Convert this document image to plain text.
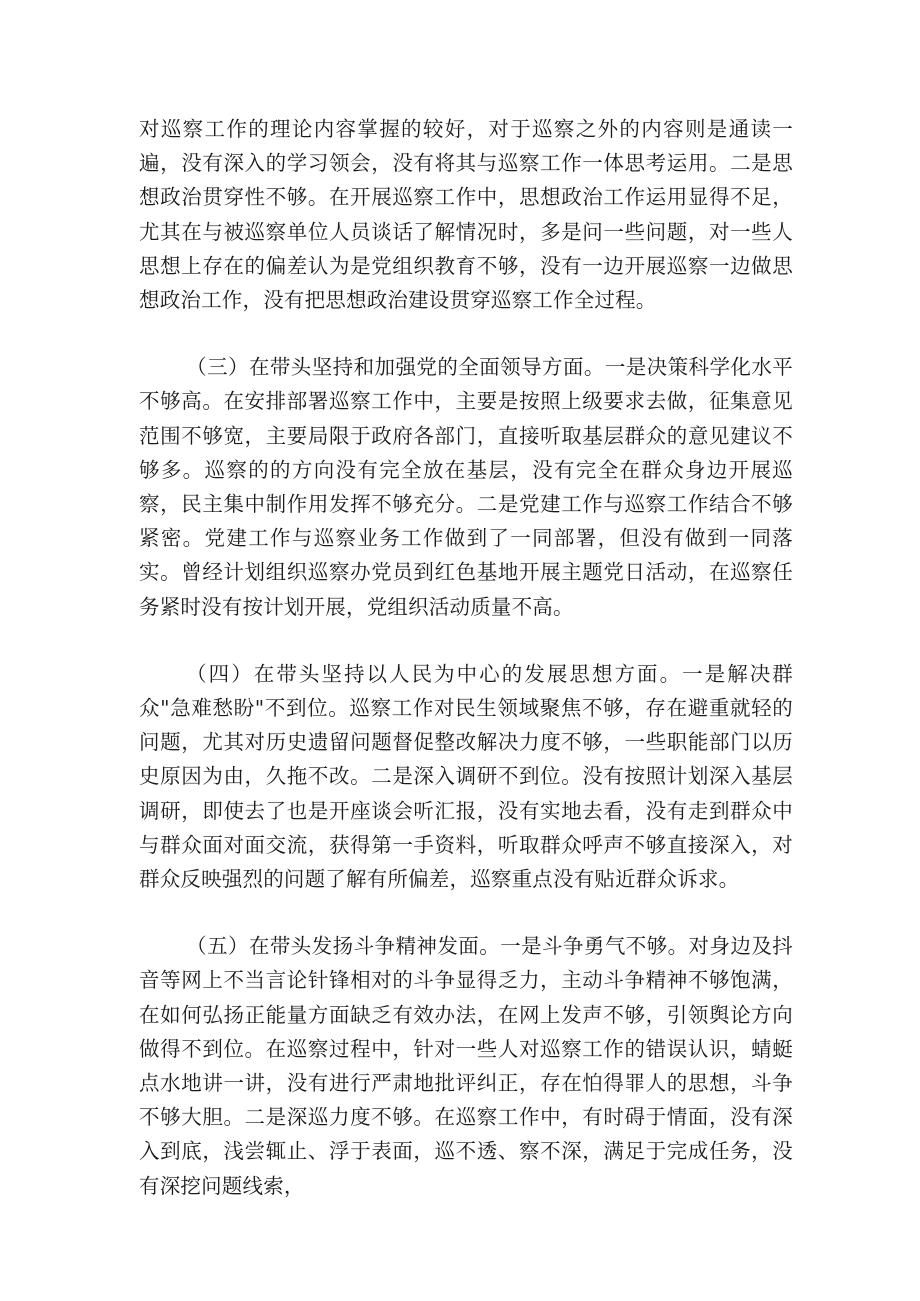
对巡察工作的理论内容掌握的较好，对于巡察之外的内容则是通读一遍，没有深入的学习领会，没有将其与巡察工作一体思考运用。二是思想政治贯穿性不够。在开展巡察工作中，思想政治工作运用显得不足，尤其在与被巡察单位人员谈话了解情况时，多是问一些问题，对一些人思想上存在的偏差认为是党组织教育不够，没有一边开展巡察一边做思想政治工作，没有把思想政治建设贯穿巡察工作全过程。

（三）在带头坚持和加强党的全面领导方面。一是决策科学化水平不够高。在安排部署巡察工作中，主要是按照上级要求去做，征集意见范围不够宽，主要局限于政府各部门，直接听取基层群众的意见建议不够多。巡察的的方向没有完全放在基层，没有完全在群众身边开展巡察，民主集中制作用发挥不够充分。二是党建工作与巡察工作结合不够紧密。党建工作与巡察业务工作做到了一同部署，但没有做到一同落实。曾经计划组织巡察办党员到红色基地开展主题党日活动，在巡察任务紧时没有按计划开展，党组织活动质量不高。

（四）在带头坚持以人民为中心的发展思想方面。一是解决群众"急难愁盼"不到位。巡察工作对民生领域聚焦不够，存在避重就轻的问题，尤其对历史遗留问题督促整改解决力度不够，一些职能部门以历史原因为由，久拖不改。二是深入调研不到位。没有按照计划深入基层调研，即使去了也是开座谈会听汇报，没有实地去看，没有走到群众中与群众面对面交流，获得第一手资料，听取群众呼声不够直接深入，对群众反映强烈的问题了解有所偏差，巡察重点没有贴近群众诉求。

（五）在带头发扬斗争精神发面。一是斗争勇气不够。对身边及抖音等网上不当言论针锋相对的斗争显得乏力，主动斗争精神不够饱满，在如何弘扬正能量方面缺乏有效办法，在网上发声不够，引领舆论方向做得不到位。在巡察过程中，针对一些人对巡察工作的错误认识，蜻蜓点水地讲一讲，没有进行严肃地批评纠正，存在怕得罪人的思想，斗争不够大胆。二是深巡力度不够。在巡察工作中，有时碍于情面，没有深入到底，浅尝辄止、浮于表面，巡不透、察不深，满足于完成任务，没有深挖问题线索，
